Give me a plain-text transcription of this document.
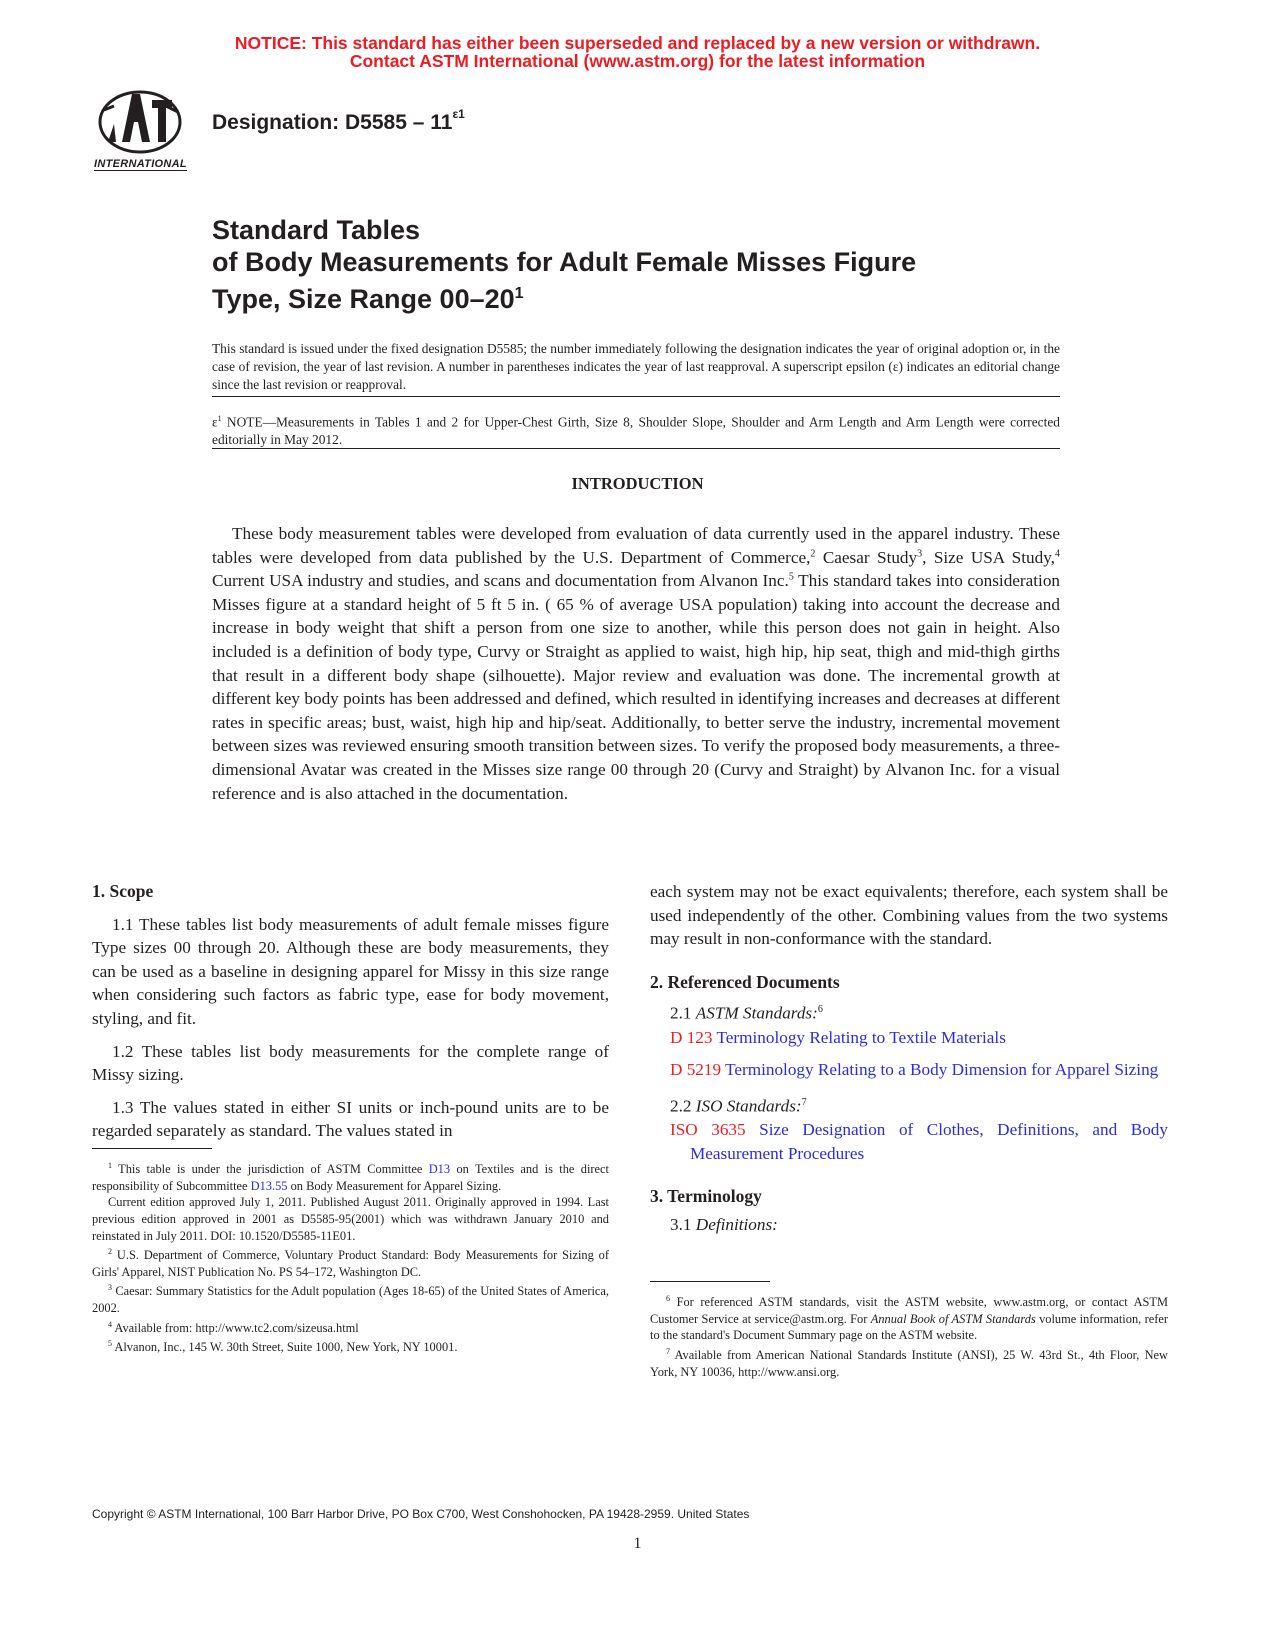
NOTICE: This standard has either been superseded and replaced by a new version or withdrawn.
Contact ASTM International (www.astm.org) for the latest information
INTERNATIONAL
Designation: $D5585 - 11^{\varepsilon 1}$
Standard Tables
of Body Measurements for Adult Female Misses Figure
Type, Size Range $00-20^1$
This standard is issued under the fixed designation D5585; the number immediately following the designation indicates the year of original adoption or, in the case of revision, the year of last revision. A number in parentheses indicates the year of last reapproval. A superscript epsilon (ε) indicates an editorial change since the last revision or reapproval.
$\varepsilon^1$ NOTE—Measurements in Tables 1 and 2 for Upper-Chest Girth, Size 8, Shoulder Slope, Shoulder and Arm Length and Arm Length were corrected editorially in May 2012.
INTRODUCTION
These body measurement tables were developed from evaluation of data currently used in the apparel industry. These tables were developed from data published by the U.S. Department of Commerce,$^2$ Caesar Study$^3$, Size USA Study,$^4$ Current USA industry and studies, and scans and documentation from Alvanon Inc.$^5$ This standard takes into consideration Misses figure at a standard height of 5 ft 5 in. ( 65 % of average USA population) taking into account the decrease and increase in body weight that shift a person from one size to another, while this person does not gain in height. Also included is a definition of body type, Curvy or Straight as applied to waist, high hip, hip seat, thigh and mid-thigh girths that result in a different body shape (silhouette). Major review and evaluation was done. The incremental growth at different key body points has been addressed and defined, which resulted in identifying increases and decreases at different rates in specific areas; bust, waist, high hip and hip/seat. Additionally, to better serve the industry, incremental movement between sizes was reviewed ensuring smooth transition between sizes. To verify the proposed body measurements, a three-dimensional Avatar was created in the Misses size range 00 through 20 (Curvy and Straight) by Alvanon Inc. for a visual reference and is also attached in the documentation.

1. Scope

1.1 These tables list body measurements of adult female misses figure Type sizes 00 through 20. Although these are body measurements, they can be used as a baseline in designing apparel for Missy in this size range when considering such factors as fabric type, ease for body movement, styling, and fit.

1.2 These tables list body measurements for the complete range of Missy sizing.

1.3 The values stated in either SI units or inch-pound units are to be regarded separately as standard. The values stated in

$^1$ This table is under the jurisdiction of ASTM Committee D13 on Textiles and is the direct responsibility of Subcommittee D13.55 on Body Measurement for Apparel Sizing.

Current edition approved July 1, 2011. Published August 2011. Originally approved in 1994. Last previous edition approved in 2001 as D5585-95(2001) which was withdrawn January 2010 and reinstated in July 2011. DOI: 10.1520/D5585-11E01.

$^2$ U.S. Department of Commerce, Voluntary Product Standard: Body Measurements for Sizing of Girls' Apparel, NIST Publication No. PS 54–172, Washington DC.

$^3$ Caesar: Summary Statistics for the Adult population (Ages 18-65) of the United States of America, 2002.

$^4$ Available from: http://www.tc2.com/sizeusa.html

$^5$ Alvanon, Inc., 145 W. 30th Street, Suite 1000, New York, NY 10001.

each system may not be exact equivalents; therefore, each system shall be used independently of the other. Combining values from the two systems may result in non-conformance with the standard.

2. Referenced Documents

2.1 ASTM Standards:$^6$

D 123 Terminology Relating to Textile Materials

D 5219 Terminology Relating to a Body Dimension for Apparel Sizing

2.2 ISO Standards:$^7$

ISO 3635 Size Designation of Clothes, Definitions, and Body Measurement Procedures

3. Terminology

3.1 Definitions:

$^6$ For referenced ASTM standards, visit the ASTM website, www.astm.org, or contact ASTM Customer Service at service@astm.org. For Annual Book of ASTM Standards volume information, refer to the standard's Document Summary page on the ASTM website.

$^7$ Available from American National Standards Institute (ANSI), 25 W. 43rd St., 4th Floor, New York, NY 10036, http://www.ansi.org.

Copyright © ASTM International, 100 Barr Harbor Drive, PO Box C700, West Conshohocken, PA 19428-2959. United States
1
